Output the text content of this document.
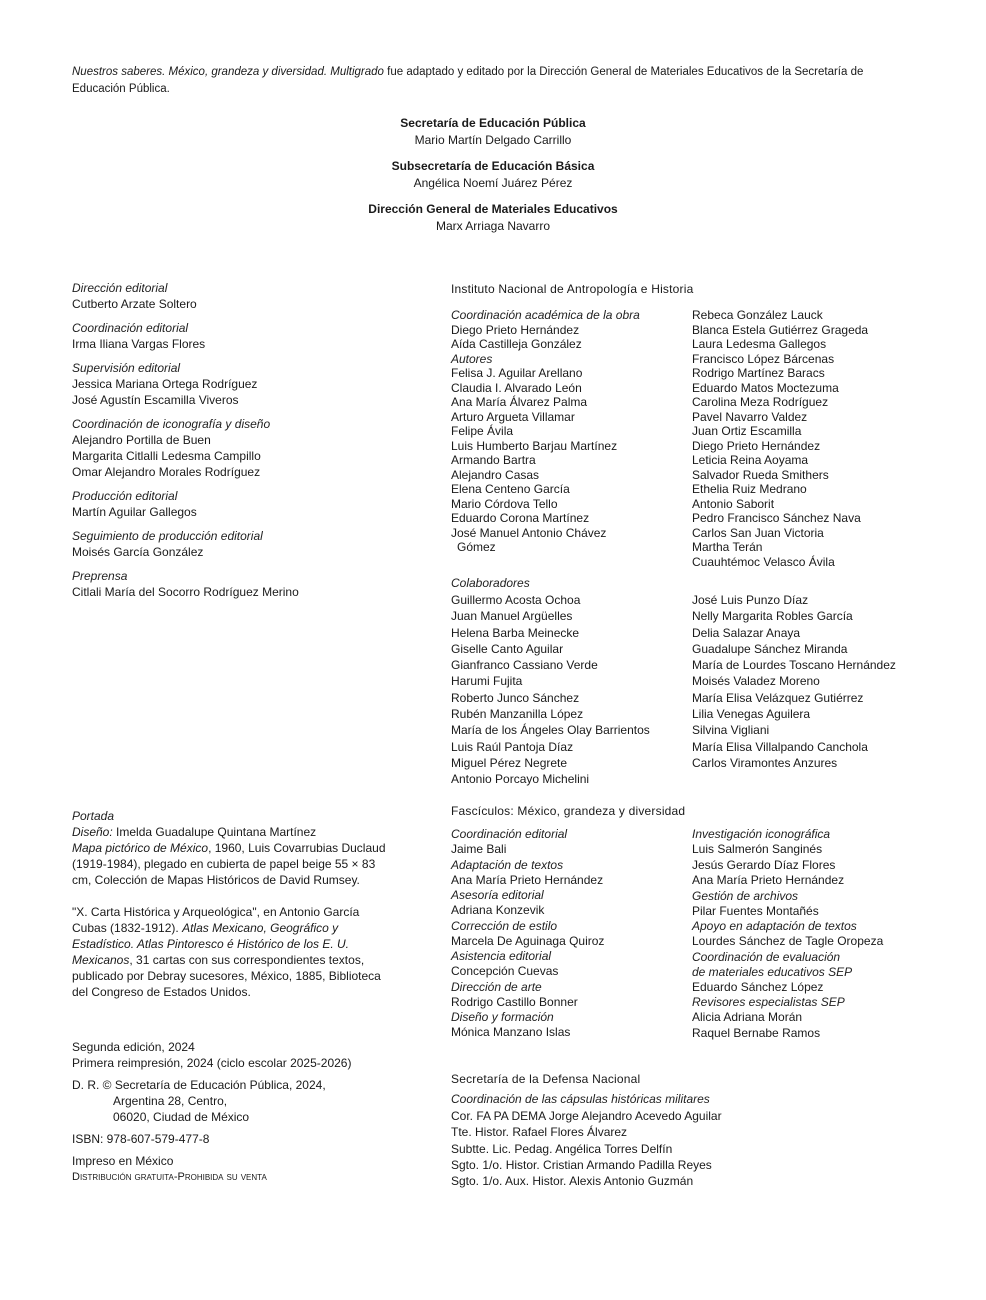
Nuestros saberes. México, grandeza y diversidad. Multigrado fue adaptado y editado por la Dirección General de Materiales Educativos de la Secretaría de Educación Pública.
Secretaría de Educación Pública
Mario Martín Delgado Carrillo
Subsecretaría de Educación Básica
Angélica Noemí Juárez Pérez
Dirección General de Materiales Educativos
Marx Arriaga Navarro
Dirección editorial
Cutberto Arzate Soltero
Coordinación editorial
Irma Iliana Vargas Flores
Supervisión editorial
Jessica Mariana Ortega Rodríguez
José Agustín Escamilla Viveros
Coordinación de iconografía y diseño
Alejandro Portilla de Buen
Margarita Citlalli Ledesma Campillo
Omar Alejandro Morales Rodríguez
Producción editorial
Martín Aguilar Gallegos
Seguimiento de producción editorial
Moisés García González
Preprensa
Citlali María del Socorro Rodríguez Merino
Instituto Nacional de Antropología e Historia
Coordinación académica de la obra
Diego Prieto Hernández
Aída Castilleja González
Autores
Felisa J. Aguilar Arellano
Claudia I. Alvarado León
Ana María Álvarez Palma
Arturo Argueta Villamar
Felipe Ávila
Luis Humberto Barjau Martínez
Armando Bartra
Alejandro Casas
Elena Centeno García
Mario Córdova Tello
Eduardo Corona Martínez
José Manuel Antonio Chávez
Gómez
Rebeca González Lauck
Blanca Estela Gutiérrez Grageda
Laura Ledesma Gallegos
Francisco López Bárcenas
Rodrigo Martínez Baracs
Eduardo Matos Moctezuma
Carolina Meza Rodríguez
Pavel Navarro Valdez
Juan Ortiz Escamilla
Diego Prieto Hernández
Leticia Reina Aoyama
Salvador Rueda Smithers
Ethelia Ruiz Medrano
Antonio Saborit
Pedro Francisco Sánchez Nava
Carlos San Juan Victoria
Martha Terán
Cuauhtémoc Velasco Ávila
Colaboradores
Guillermo Acosta Ochoa
Juan Manuel Argüelles
Helena Barba Meinecke
Giselle Canto Aguilar
Gianfranco Cassiano Verde
Harumi Fujita
Roberto Junco Sánchez
Rubén Manzanilla López
María de los Ángeles Olay Barrientos
Luis Raúl Pantoja Díaz
Miguel Pérez Negrete
Antonio Porcayo Michelini
José Luis Punzo Díaz
Nelly Margarita Robles García
Delia Salazar Anaya
Guadalupe Sánchez Miranda
María de Lourdes Toscano Hernández
Moisés Valadez Moreno
María Elisa Velázquez Gutiérrez
Lilia Venegas Aguilera
Silvina Vigliani
María Elisa Villalpando Canchola
Carlos Viramontes Anzures
Fascículos: México, grandeza y diversidad
Coordinación editorial
Jaime Bali
Adaptación de textos
Ana María Prieto Hernández
Asesoría editorial
Adriana Konzevik
Corrección de estilo
Marcela De Aguinaga Quiroz
Asistencia editorial
Concepción Cuevas
Dirección de arte
Rodrigo Castillo Bonner
Diseño y formación
Mónica Manzano Islas
Investigación iconográfica
Luis Salmerón Sanginés
Jesús Gerardo Díaz Flores
Ana María Prieto Hernández
Gestión de archivos
Pilar Fuentes Montañés
Apoyo en adaptación de textos
Lourdes Sánchez de Tagle Oropeza
Coordinación de evaluación
de materiales educativos SEP
Eduardo Sánchez López
Revisores especialistas SEP
Alicia Adriana Morán
Raquel Bernabe Ramos
Secretaría de la Defensa Nacional
Coordinación de las cápsulas históricas militares
Cor. FA PA DEMA Jorge Alejandro Acevedo Aguilar
Tte. Histor. Rafael Flores Álvarez
Subtte. Lic. Pedag. Angélica Torres Delfín
Sgto. 1/o. Histor. Cristian Armando Padilla Reyes
Sgto. 1/o. Aux. Histor. Alexis Antonio Guzmán
Portada

Diseño: Imelda Guadalupe Quintana Martínez

Mapa pictórico de México, 1960, Luis Covarrubias Duclaud (1919-1984), plegado en cubierta de papel beige 55 × 83 cm, Colección de Mapas Históricos de David Rumsey.

"X. Carta Histórica y Arqueológica", en Antonio García Cubas (1832-1912). Atlas Mexicano, Geográfico y Estadístico. Atlas Pintoresco é Histórico de los E. U. Mexicanos, 31 cartas con sus correspondientes textos, publicado por Debray sucesores, México, 1885, Biblioteca del Congreso de Estados Unidos.

Segunda edición, 2024
Primera reimpresión, 2024 (ciclo escolar 2025-2026)
D. R. © Secretaría de Educación Pública, 2024,
Argentina 28, Centro,
06020, Ciudad de México
ISBN: 978-607-579-477-8
Impreso en México
Distribución gratuita-Prohibida su venta
